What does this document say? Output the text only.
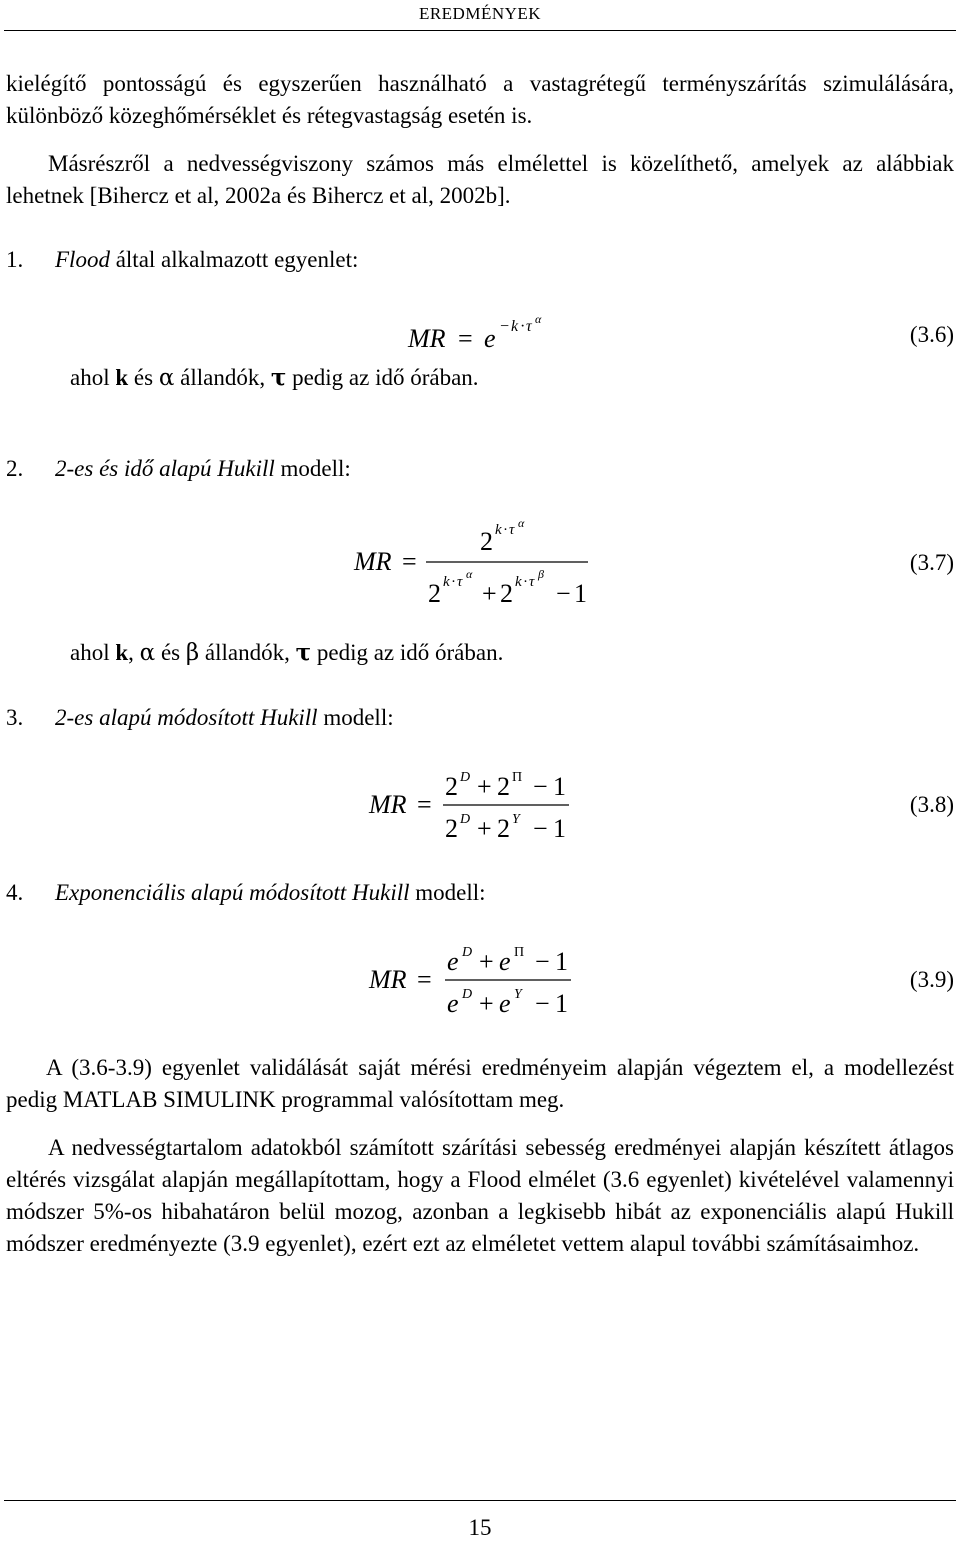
EREDMÉNYEK
kielégítő pontosságú és egyszerűen használható a vastagrétegű terményszárítás szimulálására, különböző közeghőmérséklet és rétegvastagság esetén is.
Másrészről a nedvességviszony számos más elmélettel is közelíthető, amelyek az alábbiak lehetnek [Bihercz et al, 2002a és Bihercz et al, 2002b].
1. Flood által alkalmazott egyenlet:
MR = e − k · τ α
(3.6)
ahol k és α állandók, τ pedig az idő órában.
2. 2-es és idő alapú Hukill modell:
MR =
2 k · τ α
2 k · τ α
+ 2 k · τ β
− 1
(3.7)
ahol k, α és β állandók, τ pedig az idő órában.
3. 2-es alapú módosított Hukill modell:
MR =
2 D + 2 Π − 1
2 D + 2 Y − 1
(3.8)
4. Exponenciális alapú módosított Hukill modell:
MR =
e D + e Π − 1
e D + e Y − 1
(3.9)
A (3.6-3.9) egyenlet validálását saját mérési eredményeim alapján végeztem el, a modellezést pedig MATLAB SIMULINK programmal valósítottam meg.
A nedvességtartalom adatokból számított szárítási sebesség eredményei alapján készített átlagos eltérés vizsgálat alapján megállapítottam, hogy a Flood elmélet (3.6 egyenlet) kivételével valamennyi módszer 5%-os hibahatáron belül mozog, azonban a legkisebb hibát az exponenciális alapú Hukill módszer eredményezte (3.9 egyenlet), ezért ezt az elméletet vettem alapul további számításaimhoz.
15
